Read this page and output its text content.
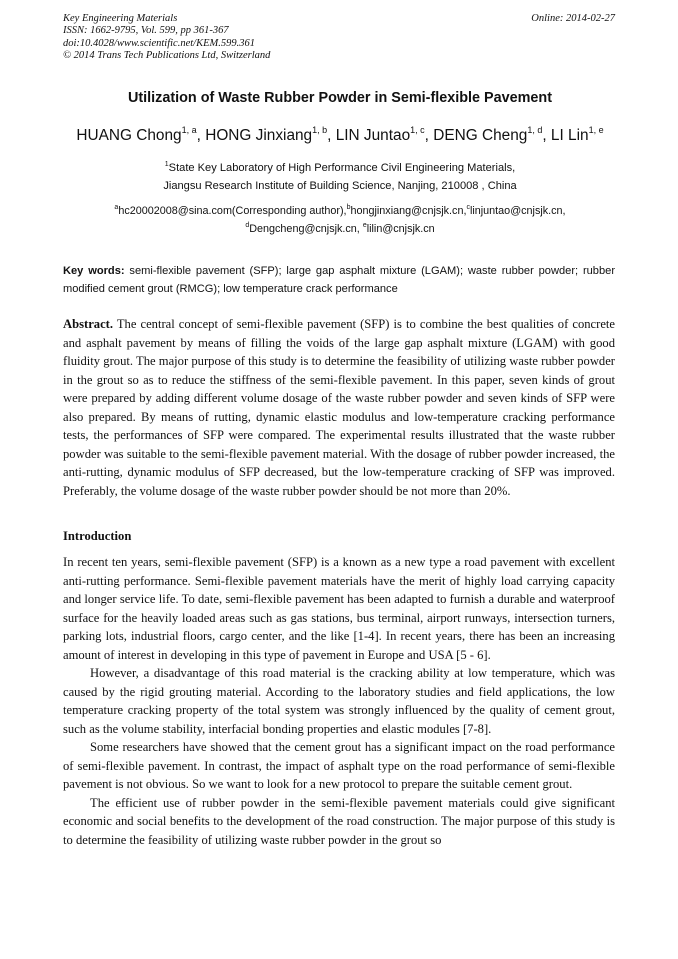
Key Engineering Materials
ISSN: 1662-9795, Vol. 599, pp 361-367
doi:10.4028/www.scientific.net/KEM.599.361
© 2014 Trans Tech Publications Ltd, Switzerland
Online: 2014-02-27
Utilization of Waste Rubber Powder in Semi-flexible Pavement
HUANG Chong$^{1, a}$, HONG Jinxiang$^{1, b}$, LIN Juntao$^{1, c}$, DENG Cheng$^{1, d}$, LI Lin$^{1, e}$
$^1$State Key Laboratory of High Performance Civil Engineering Materials,
Jiangsu Research Institute of Building Science, Nanjing, 210008 , China
$^a$hc20002008@sina.com(Corresponding author),$^b$hongjinxiang@cnjsjk.cn,$^c$linjuntao@cnjsjk.cn,
$^d$Dengcheng@cnjsjk.cn, $^e$lilin@cnjsjk.cn

Key words: semi-flexible pavement (SFP); large gap asphalt mixture (LGAM); waste rubber powder; rubber modified cement grout (RMCG); low temperature crack performance

Abstract. The central concept of semi-flexible pavement (SFP) is to combine the best qualities of concrete and asphalt pavement by means of filling the voids of the large gap asphalt mixture (LGAM) with good fluidity grout. The major purpose of this study is to determine the feasibility of utilizing waste rubber powder in the grout so as to reduce the stiffness of the semi-flexible pavement. In this paper, seven kinds of grout were prepared by adding different volume dosage of the waste rubber powder and seven kinds of SFP were also prepared. By means of rutting, dynamic elastic modulus and low-temperature cracking performance tests, the performances of SFP were compared. The experimental results illustrated that the waste rubber powder was suitable to the semi-flexible pavement material. With the dosage of rubber powder increased, the anti-rutting, dynamic modulus of SFP decreased, but the low-temperature cracking of SFP was improved. Preferably, the volume dosage of the waste rubber powder should be not more than 20%.

Introduction

In recent ten years, semi-flexible pavement (SFP) is a known as a new type a road pavement with excellent anti-rutting performance. Semi-flexible pavement materials have the merit of highly load carrying capacity and longer service life. To date, semi-flexible pavement has been adapted to furnish a durable and waterproof surface for the heavily loaded areas such as gas stations, bus terminal, airport runways, intersection turners, parking lots, industrial floors, cargo center, and the like [1-4]. In recent years, there has been an increasing amount of interest in developing in this type of pavement in Europe and USA [5 - 6].

However, a disadvantage of this road material is the cracking ability at low temperature, which was caused by the rigid grouting material. According to the laboratory studies and field applications, the low temperature cracking property of the total system was strongly influenced by the quality of cement grout, such as the volume stability, interfacial bonding properties and elastic modules [7-8].

Some researchers have showed that the cement grout has a significant impact on the road performance of semi-flexible pavement. In contrast, the impact of asphalt type on the road performance of semi-flexible pavement is not obvious. So we want to look for a new protocol to prepare the suitable cement grout.

The efficient use of rubber powder in the semi-flexible pavement materials could give significant economic and social benefits to the development of the road construction. The major purpose of this study is to determine the feasibility of utilizing waste rubber powder in the grout so
